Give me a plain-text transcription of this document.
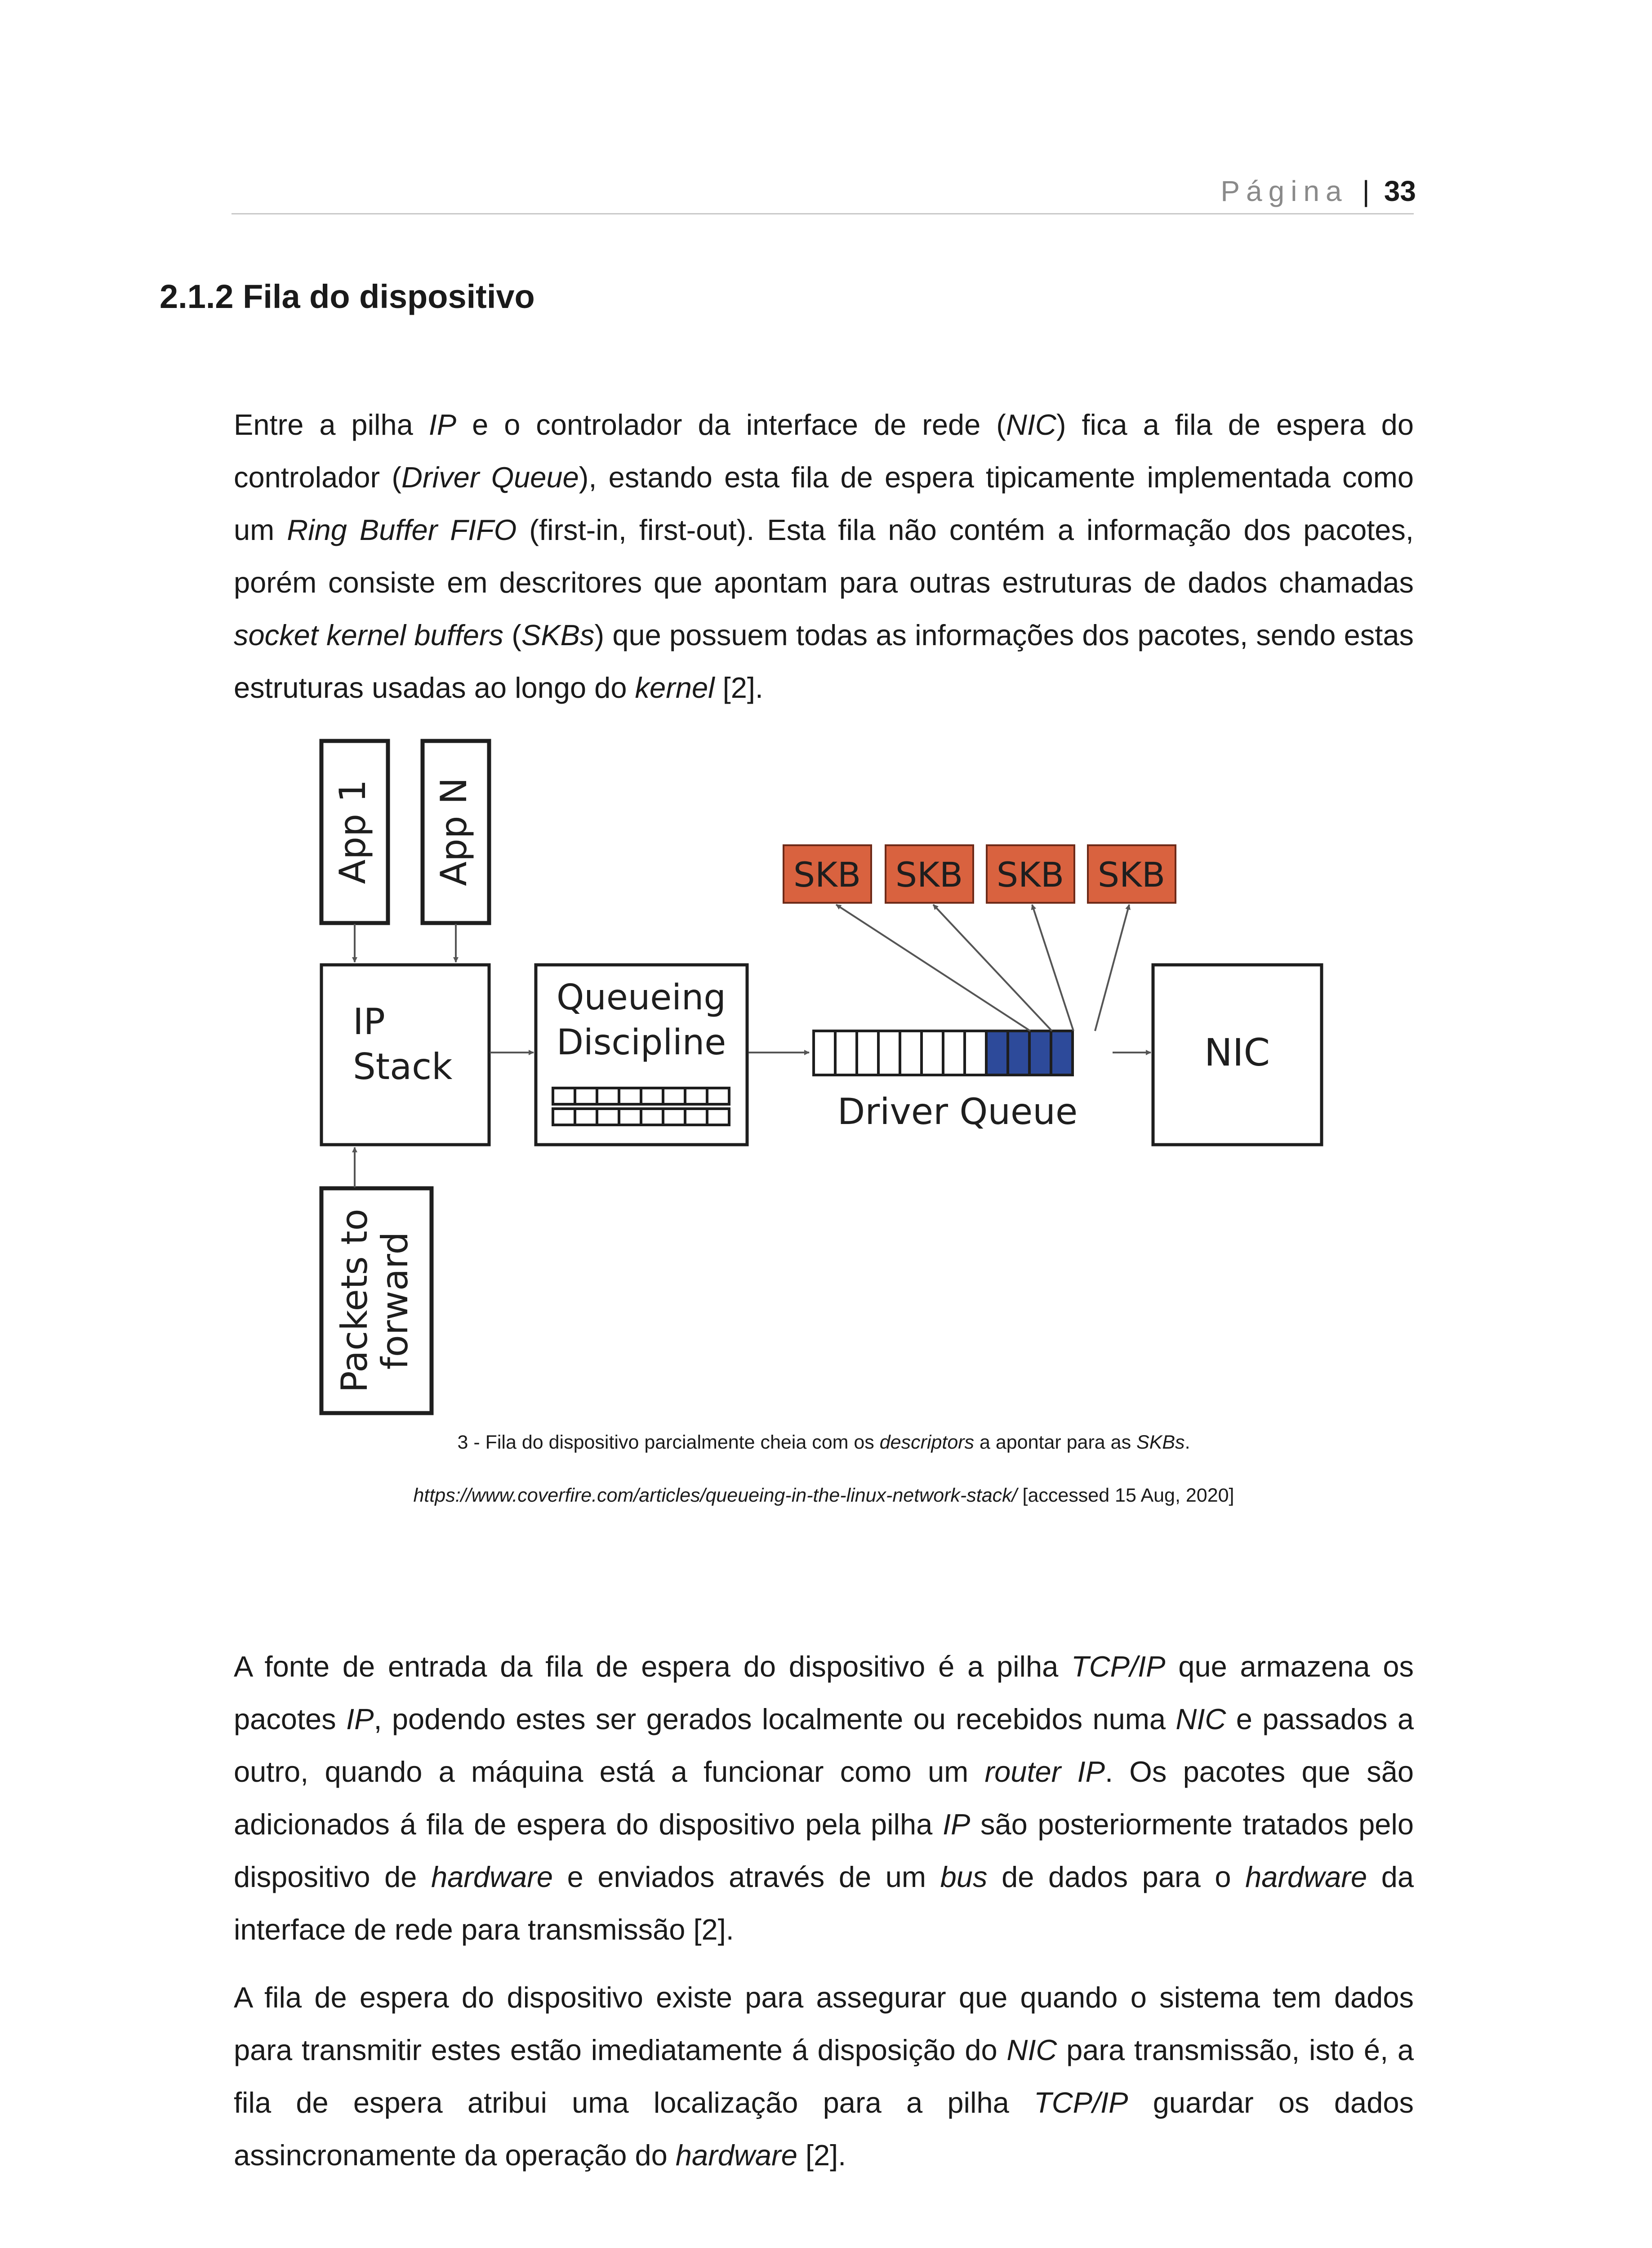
Página | 33
2.1.2 Fila do dispositivo

Entre a pilha IP e o controlador da interface de rede (NIC) fica a fila de espera do controlador (Driver Queue), estando esta fila de espera tipicamente implementada como um Ring Buffer FIFO (first-in, first-out). Esta fila não contém a informação dos pacotes, porém consiste em descritores que apontam para outras estruturas de dados chamadas socket kernel buffers (SKBs) que possuem todas as informações dos pacotes, sendo estas estruturas usadas ao longo do kernel [2].

App 1 App N
IP
Stack
Queueing
Discipline
Driver Queue
NIC
SKB SKB SKB SKB
Packets to
forward

3 - Fila do dispositivo parcialmente cheia com os descriptors a apontar para as SKBs.

https://www.coverfire.com/articles/queueing-in-the-linux-network-stack/ [accessed 15 Aug, 2020]

A fonte de entrada da fila de espera do dispositivo é a pilha TCP/IP que armazena os pacotes IP, podendo estes ser gerados localmente ou recebidos numa NIC e passados a outro, quando a máquina está a funcionar como um router IP. Os pacotes que são adicionados á fila de espera do dispositivo pela pilha IP são posteriormente tratados pelo dispositivo de hardware e enviados através de um bus de dados para o hardware da interface de rede para transmissão [2].

A fila de espera do dispositivo existe para assegurar que quando o sistema tem dados para transmitir estes estão imediatamente á disposição do NIC para transmissão, isto é, a fila de espera atribui uma localização para a pilha TCP/IP guardar os dados assincronamente da operação do hardware [2].
